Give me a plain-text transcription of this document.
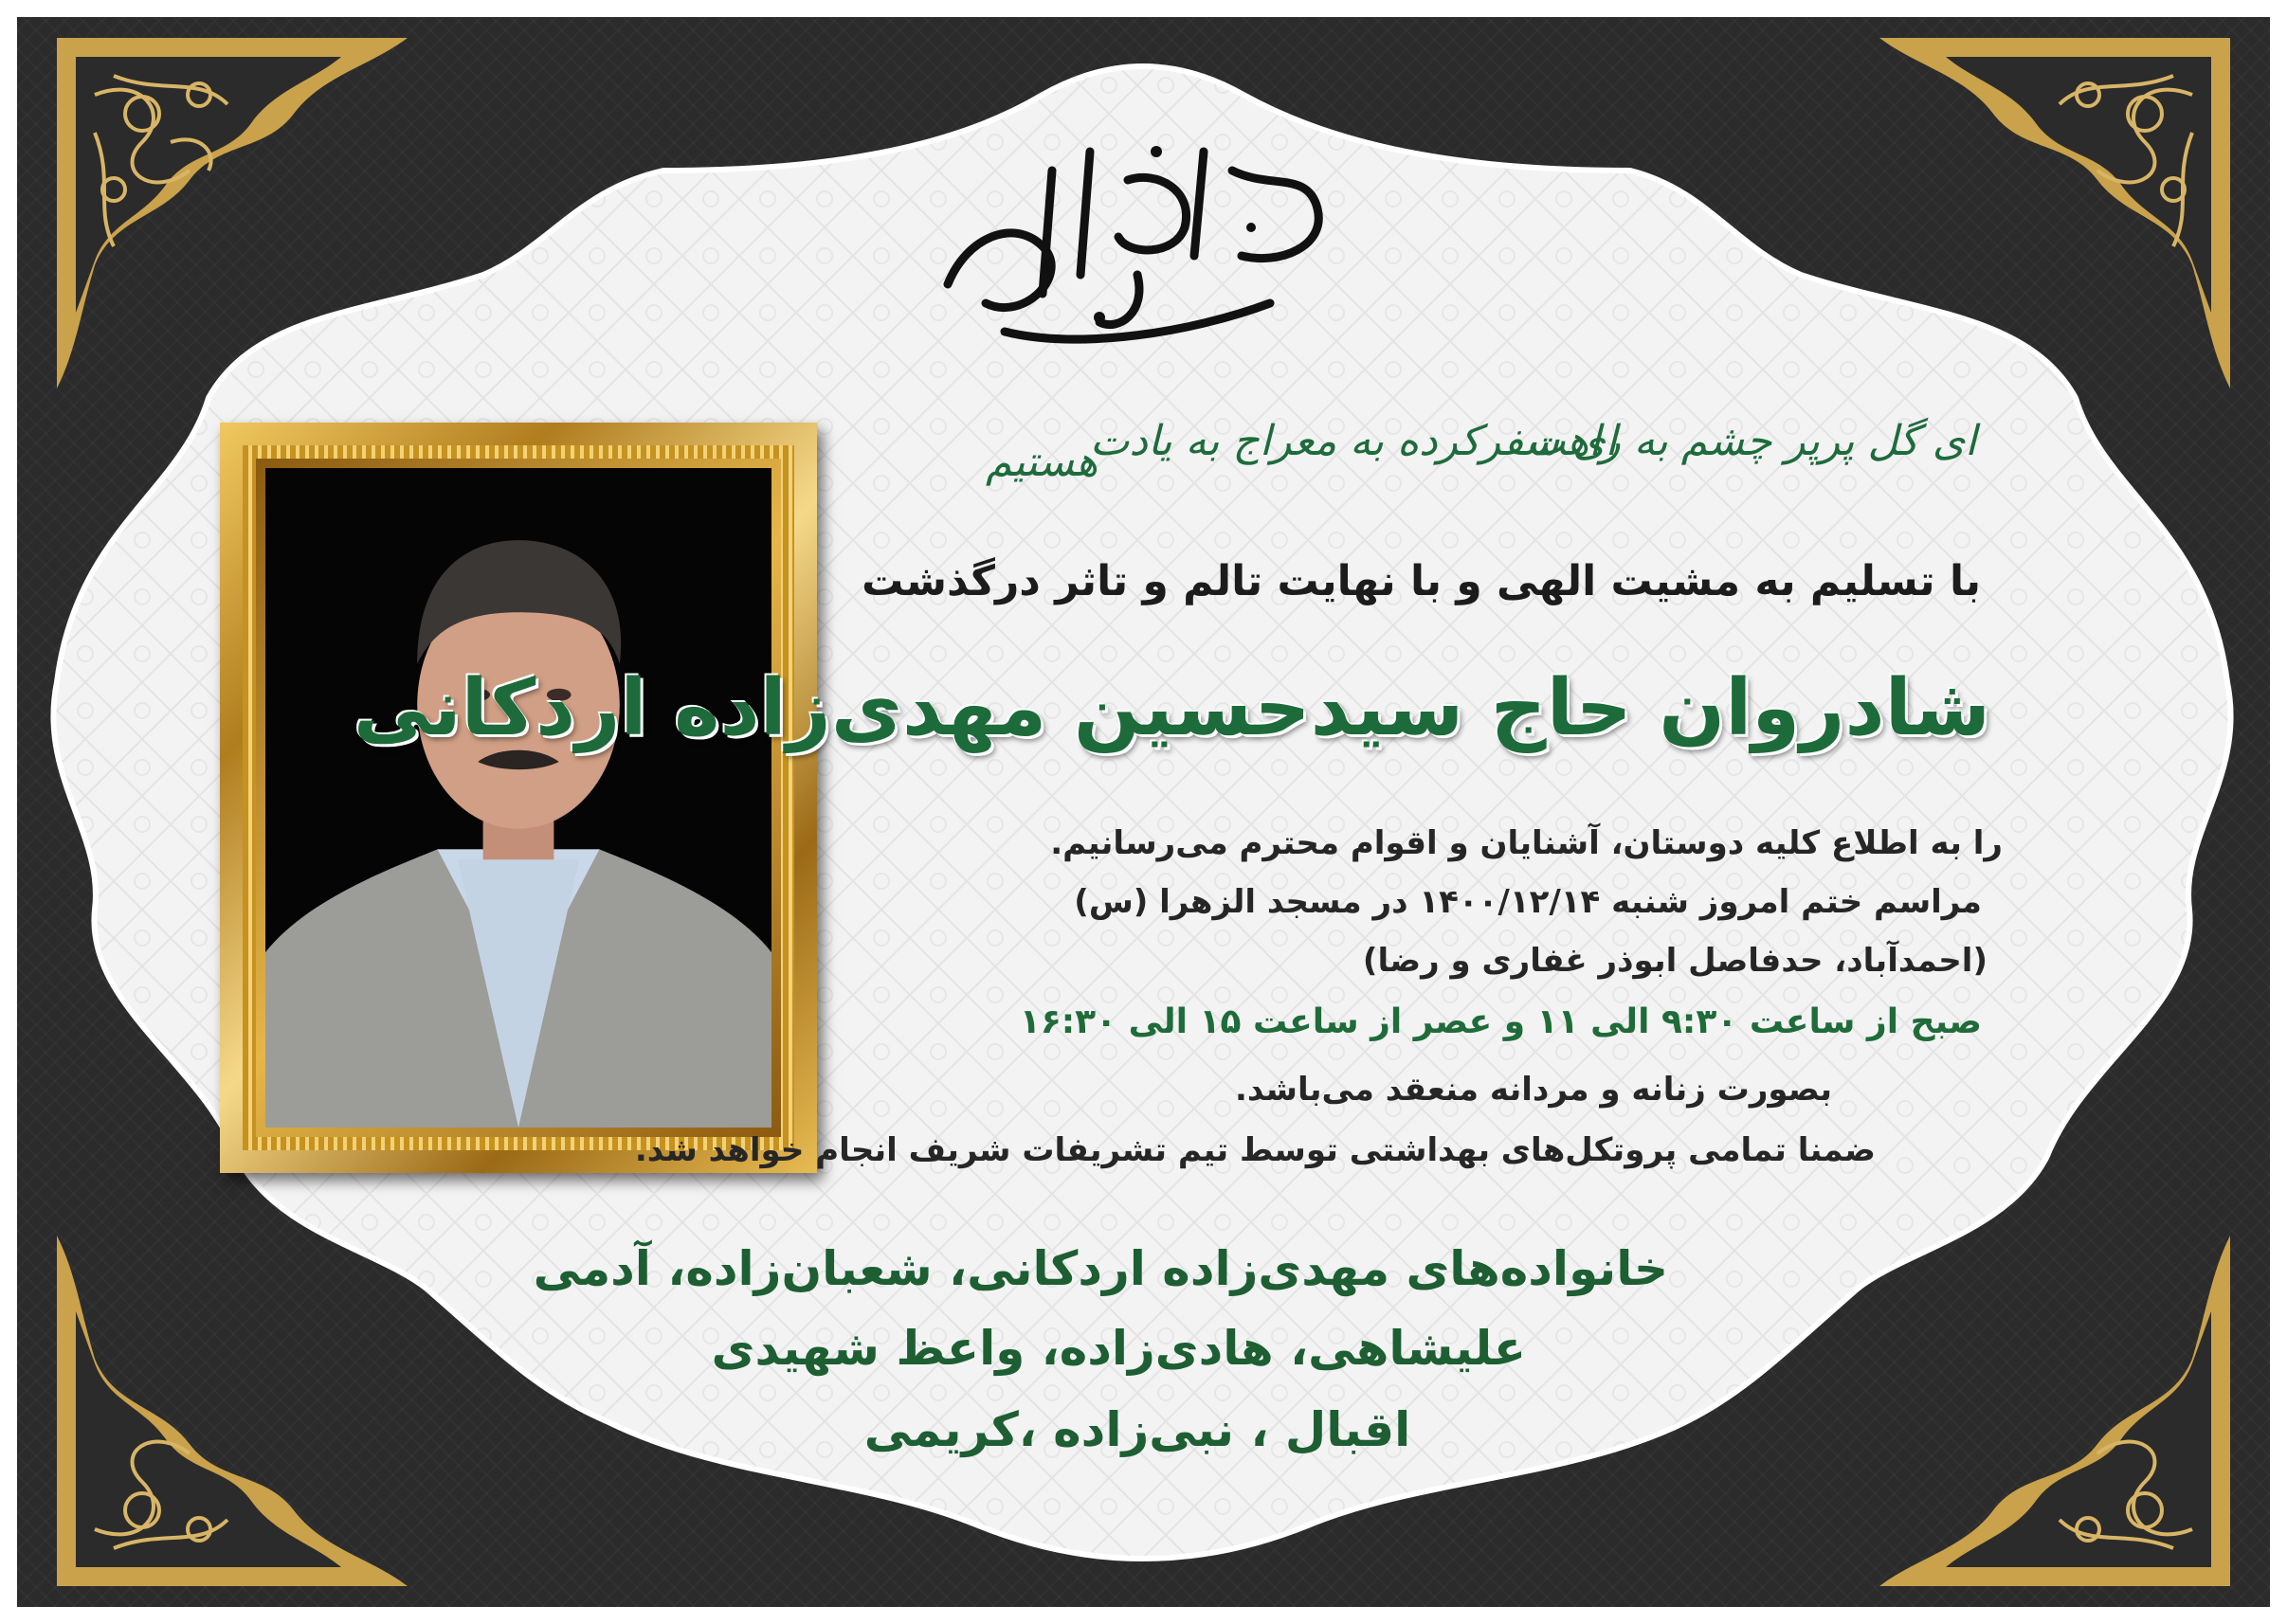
ای گل پرپر چشم به راهت
هستیم
ای سفرکرده به معراج به یادت
با تسلیم به مشیت الهی و با نهایت تالم و تاثر درگذشت
شادروان حاج سیدحسین مهدی‌زاده اردکانی
را به اطلاع کلیه دوستان، آشنایان و اقوام محترم می‌رسانیم.
مراسم ختم امروز شنبه ۱۴۰۰/۱۲/۱۴ در مسجد الزهرا (س)
(احمدآباد، حدفاصل ابوذر غفاری و رضا)
صبح از ساعت ۹:۳۰ الی ۱۱ و عصر از ساعت ۱۵ الی ۱۶:۳۰
بصورت زنانه و مردانه منعقد می‌باشد.
ضمنا تمامی پروتکل‌های بهداشتی توسط تیم تشریفات شریف انجام خواهد شد.
خانواده‌های مهدی‌زاده اردکانی، شعبان‌زاده، آدمی
علیشاهی، هادی‌زاده، واعظ شهیدی
اقبال ، نبی‌زاده ،کریمی
